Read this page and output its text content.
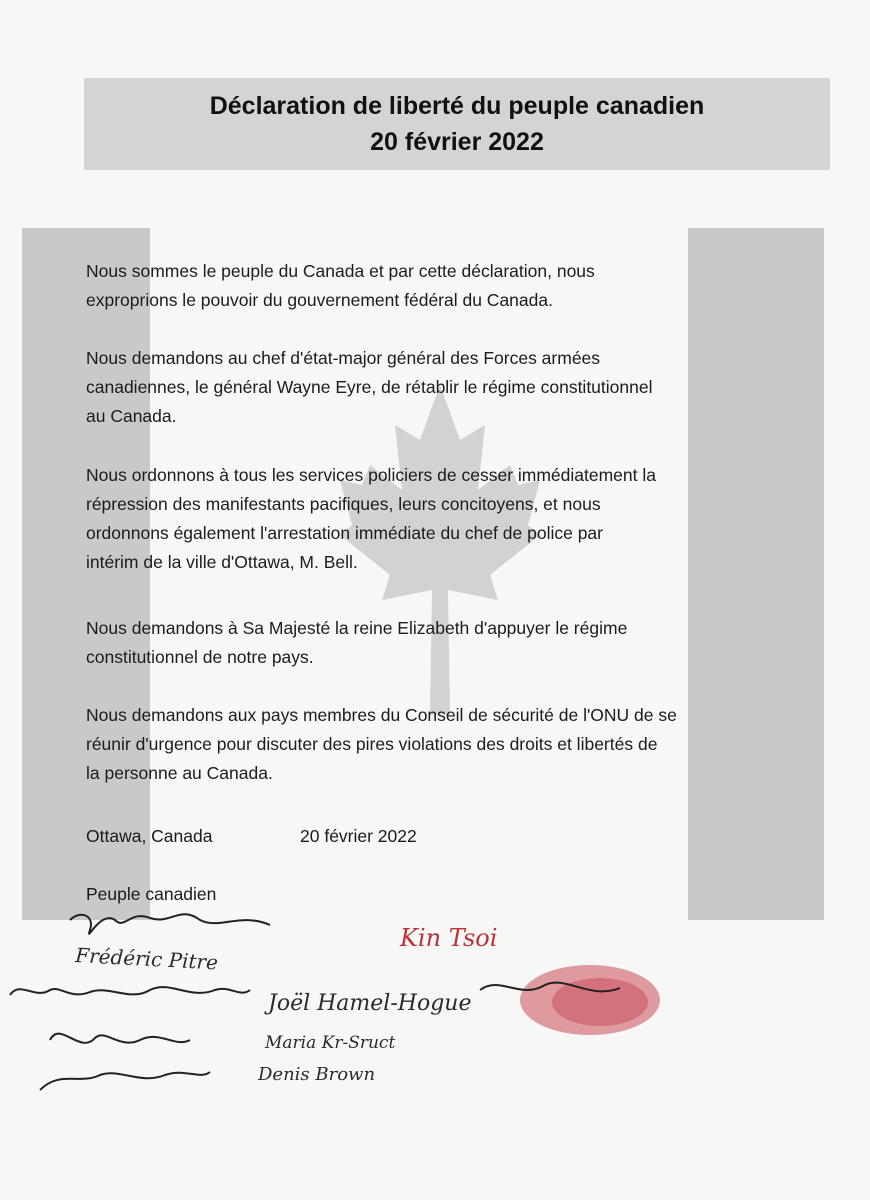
Déclaration de liberté du peuple canadien
20 février 2022
Nous sommes le peuple du Canada et par cette déclaration, nous
exproprions le pouvoir du gouvernement fédéral du Canada.
Nous demandons au chef d'état-major général des Forces armées
canadiennes, le général Wayne Eyre, de rétablir le régime constitutionnel
au Canada.
Nous ordonnons à tous les services policiers de cesser immédiatement la
répression des manifestants pacifiques, leurs concitoyens, et nous
ordonnons également l'arrestation immédiate du chef de police par
intérim de la ville d'Ottawa, M. Bell.
Nous demandons à Sa Majesté la reine Elizabeth d'appuyer le régime
constitutionnel de notre pays.
Nous demandons aux pays membres du Conseil de sécurité de l'ONU de se
réunir d'urgence pour discuter des pires violations des droits et libertés de
la personne au Canada.
Ottawa, Canada	20 février 2022
Peuple canadien
Frédéric Pitre
Joël Hamel-Hogue
Kin Tsoi
Maria Kr-Sruct
Denis Brown
